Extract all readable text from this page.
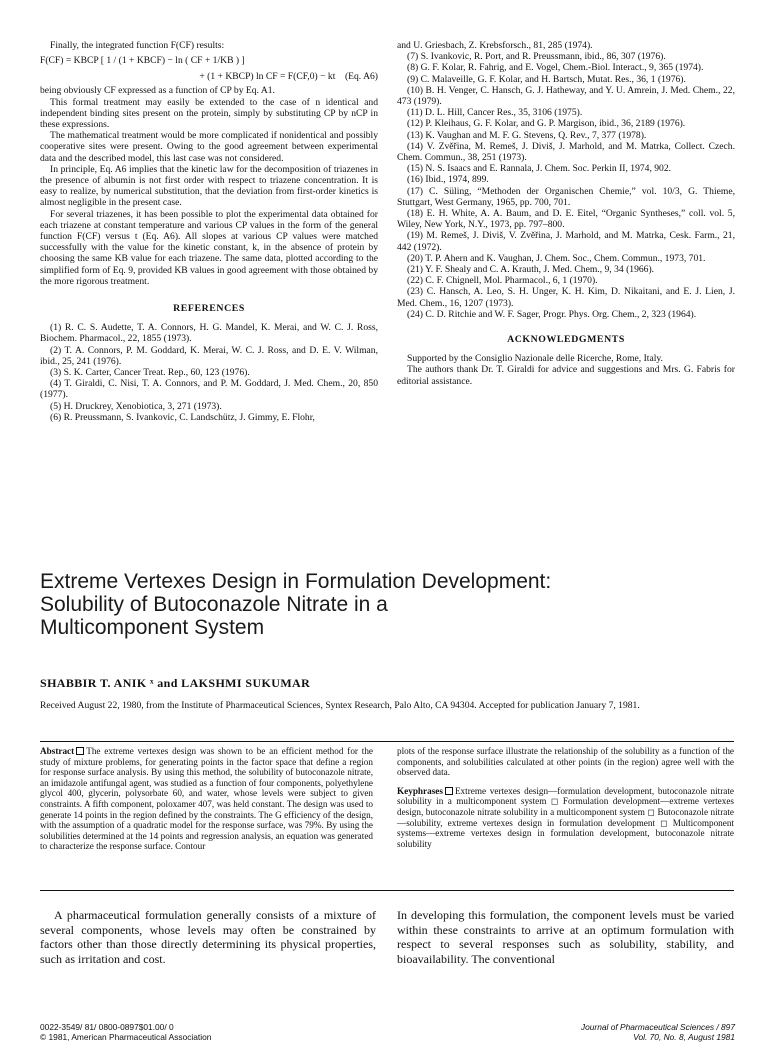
Finally, the integrated function F(CF) results:

F(CF) = KBCP [ 1 / (1 + KBCF) − ln ( CF + 1/KB ) ]
+ (1 + KBCP) ln CF = F(CF,0) − kt    (Eq. A6)

being obviously CF expressed as a function of CP by Eq. A1.

This formal treatment may easily be extended to the case of n identical and independent binding sites present on the protein, simply by substituting CP by nCP in these expressions.

The mathematical treatment would be more complicated if nonidentical and possibly cooperative sites were present. Owing to the good agreement between experimental data and the described model, this last case was not considered.

In principle, Eq. A6 implies that the kinetic law for the decomposition of triazenes in the presence of albumin is not first order with respect to triazene concentration. It is easy to realize, by numerical substitution, that the deviation from first-order kinetics is almost negligible in the present case.

For several triazenes, it has been possible to plot the experimental data obtained for each triazene at constant temperature and various CP values in the form of the general function F(CF) versus t (Eq. A6). All slopes at various CP values were matched successfully with the value for the kinetic constant, k, in the absence of protein by choosing the same KB value for each triazene. The same data, plotted according to the simplified form of Eq. 9, provided KB values in good agreement with those obtained by the more rigorous treatment.

REFERENCES

(1) R. C. S. Audette, T. A. Connors, H. G. Mandel, K. Merai, and W. C. J. Ross, Biochem. Pharmacol., 22, 1855 (1973).

(2) T. A. Connors, P. M. Goddard, K. Merai, W. C. J. Ross, and D. E. V. Wilman, ibid., 25, 241 (1976).

(3) S. K. Carter, Cancer Treat. Rep., 60, 123 (1976).

(4) T. Giraldi, C. Nisi, T. A. Connors, and P. M. Goddard, J. Med. Chem., 20, 850 (1977).

(5) H. Druckrey, Xenobiotica, 3, 271 (1973).

(6) R. Preussmann, S. Ivankovic, C. Landschütz, J. Gimmy, E. Flohr,

and U. Griesbach, Z. Krebsforsch., 81, 285 (1974).

(7) S. Ivankovic, R. Port, and R. Preussmann, ibid., 86, 307 (1976).

(8) G. F. Kolar, R. Fahrig, and E. Vogel, Chem.-Biol. Interact., 9, 365 (1974).

(9) C. Malaveille, G. F. Kolar, and H. Bartsch, Mutat. Res., 36, 1 (1976).

(10) B. H. Venger, C. Hansch, G. J. Hatheway, and Y. U. Amrein, J. Med. Chem., 22, 473 (1979).

(11) D. L. Hill, Cancer Res., 35, 3106 (1975).

(12) P. Kleihaus, G. F. Kolar, and G. P. Margison, ibid., 36, 2189 (1976).

(13) K. Vaughan and M. F. G. Stevens, Q. Rev., 7, 377 (1978).

(14) V. Zvěřina, M. Remeš, J. Diviš, J. Marhold, and M. Matrka, Collect. Czech. Chem. Commun., 38, 251 (1973).

(15) N. S. Isaacs and E. Rannala, J. Chem. Soc. Perkin II, 1974, 902.

(16) Ibid., 1974, 899.

(17) C. Süling, “Methoden der Organischen Chemie,” vol. 10/3, G. Thieme, Stuttgart, West Germany, 1965, pp. 700, 701.

(18) E. H. White, A. A. Baum, and D. E. Eitel, “Organic Syntheses,” coll. vol. 5, Wiley, New York, N.Y., 1973, pp. 797–800.

(19) M. Remeš, J. Diviš, V. Zvěřina, J. Marhold, and M. Matrka, Cesk. Farm., 21, 442 (1972).

(20) T. P. Ahern and K. Vaughan, J. Chem. Soc., Chem. Commun., 1973, 701.

(21) Y. F. Shealy and C. A. Krauth, J. Med. Chem., 9, 34 (1966).

(22) C. F. Chignell, Mol. Pharmacol., 6, 1 (1970).

(23) C. Hansch, A. Leo, S. H. Unger, K. H. Kim, D. Nikaitani, and E. J. Lien, J. Med. Chem., 16, 1207 (1973).

(24) C. D. Ritchie and W. F. Sager, Progr. Phys. Org. Chem., 2, 323 (1964).

ACKNOWLEDGMENTS

Supported by the Consiglio Nazionale delle Ricerche, Rome, Italy.

The authors thank Dr. T. Giraldi for advice and suggestions and Mrs. G. Fabris for editorial assistance.

Extreme Vertexes Design in Formulation Development:
Solubility of Butoconazole Nitrate in a
Multicomponent System
SHABBIR T. ANIK ˣ and LAKSHMI SUKUMAR
Received August 22, 1980, from the Institute of Pharmaceutical Sciences, Syntex Research, Palo Alto, CA 94304. Accepted for publication January 7, 1981.
Abstract The extreme vertexes design was shown to be an efficient method for the study of mixture problems, for generating points in the factor space that define a region for response surface analysis. By using this method, the solubility of butoconazole nitrate, an imidazole antifungal agent, was studied as a function of four components, polyethylene glycol 400, glycerin, polysorbate 60, and water, whose levels were subject to given constraints. A fifth component, poloxamer 407, was held constant. The design was used to generate 14 points in the region defined by the constraints. The G efficiency of the design, with the assumption of a quadratic model for the response surface, was 79%. By using the solubilities determined at the 14 points and regression analysis, an equation was generated to characterize the response surface. Contour
plots of the response surface illustrate the relationship of the solubility as a function of the components, and solubilities calculated at other points (in the region) agree well with the observed data.
Keyphrases Extreme vertexes design—formulation development, butoconazole nitrate solubility in a multicomponent system ◻ Formulation development—extreme vertexes design, butoconazole nitrate solubility in a multicomponent system ◻ Butoconazole nitrate—solubility, extreme vertexes design in formulation development ◻ Multicomponent systems—extreme vertexes design in formulation development, butoconazole nitrate solubility

A pharmaceutical formulation generally consists of a mixture of several components, whose levels may often be constrained by factors other than those directly determining its physical properties, such as irritation and cost.

In developing this formulation, the component levels must be varied within these constraints to arrive at an optimum formulation with respect to several responses such as solubility, stability, and bioavailability. The conventional

0022-3549/ 81/ 0800-0897$01.00/ 0
© 1981, American Pharmaceutical Association
Journal of Pharmaceutical Sciences / 897
Vol. 70, No. 8, August 1981
